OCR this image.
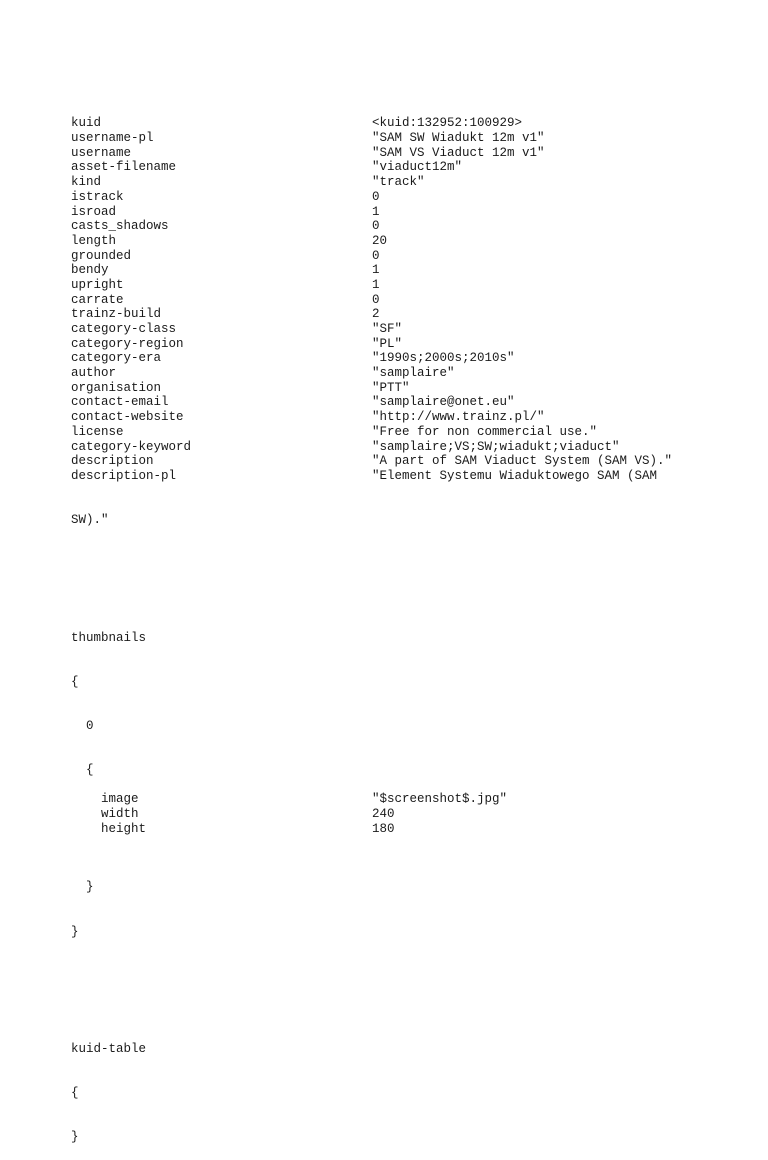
kuid	<kuid:132952:100929>
username-pl	"SAM SW Wiadukt 12m v1"
username	"SAM VS Viaduct 12m v1"
asset-filename	"viaduct12m"
kind	"track"
istrack	0
isroad	1
casts_shadows	0
length	20
grounded	0
bendy	1
upright	1
carrate	0
trainz-build	2
category-class	"SF"
category-region	"PL"
category-era	"1990s;2000s;2010s"
author	"samplaire"
organisation	"PTT"
contact-email	"samplaire@onet.eu"
contact-website	"http://www.trainz.pl/"
license	"Free for non commercial use."
category-keyword	"samplaire;VS;SW;wiadukt;viaduct"
description	"A part of SAM Viaduct System (SAM VS)."
description-pl	"Element Systemu Wiaduktowego SAM (SAM

SW)."

thumbnails

{

0

{

image	"$screenshot$.jpg"
width	240
height	180

}

}

kuid-table

{

}
